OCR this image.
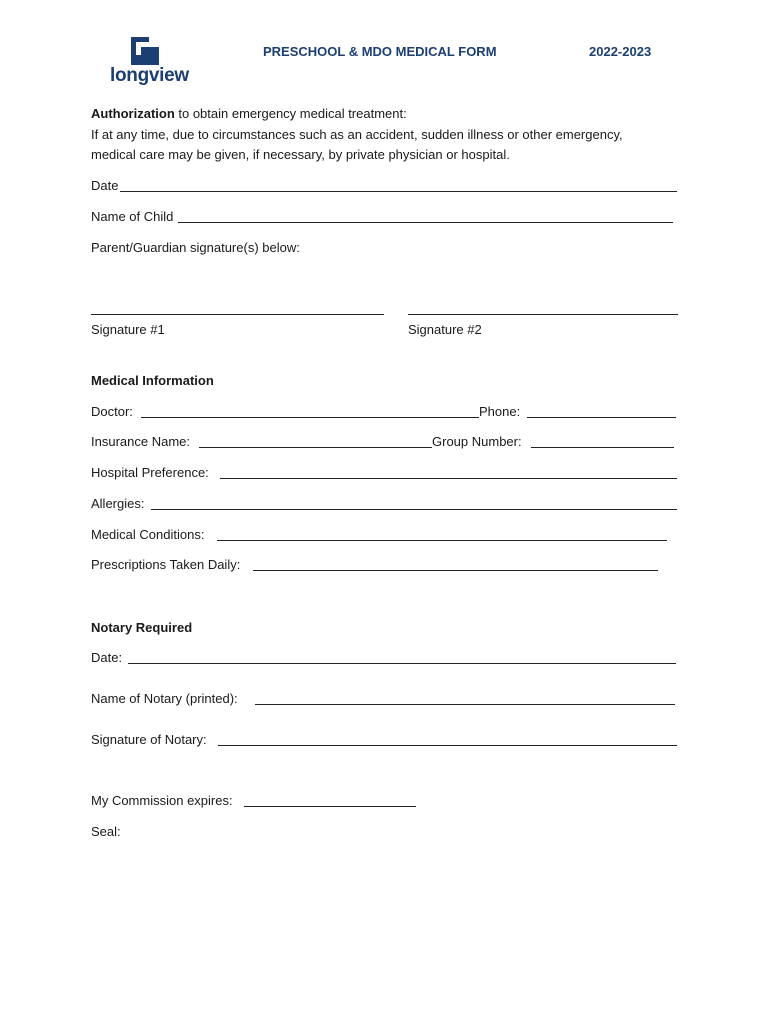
longview
PRESCHOOL & MDO MEDICAL FORM	2022-2023
Authorization to obtain emergency medical treatment:
If at any time, due to circumstances such as an accident, sudden illness or other emergency,
medical care may be given, if necessary, by private physician or hospital.
Date
Name of Child
Parent/Guardian signature(s) below:
Signature #1	Signature #2
Medical Information
Doctor:	Phone:
Insurance Name:	Group Number:
Hospital Preference:
Allergies:
Medical Conditions:
Prescriptions Taken Daily:
Notary Required
Date:
Name of Notary (printed):
Signature of Notary:
My Commission expires:
Seal:
